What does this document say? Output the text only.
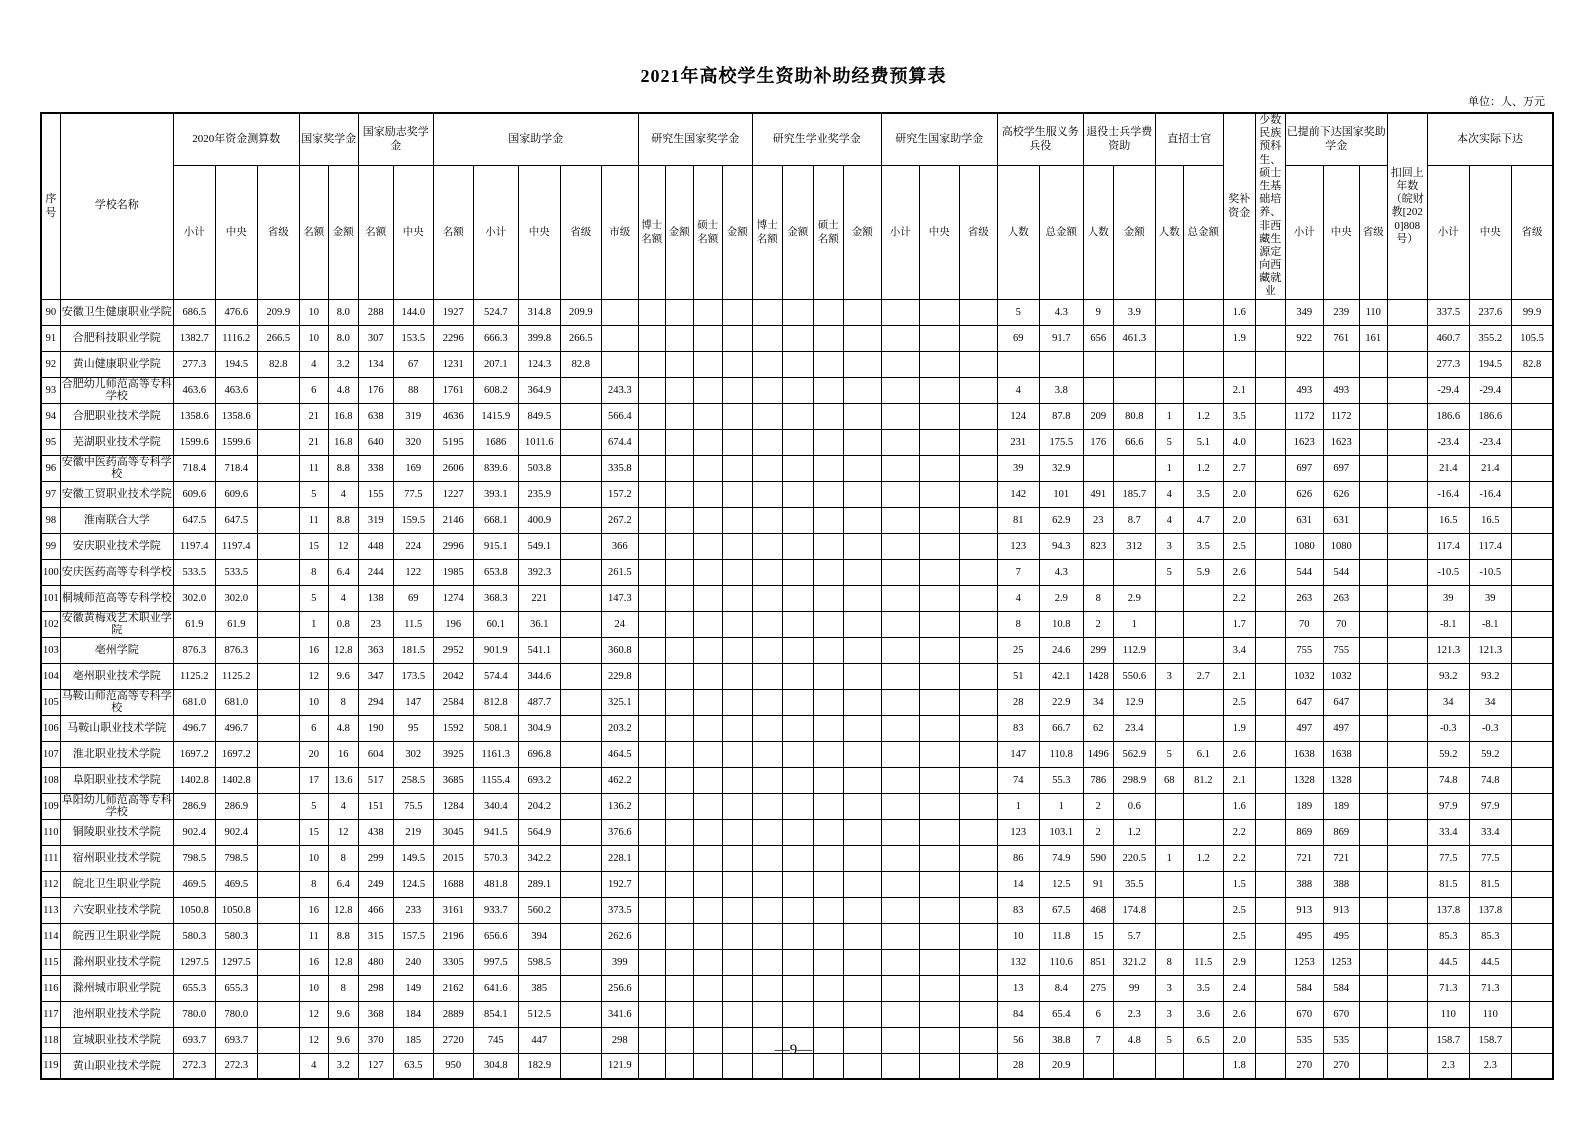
2021年高校学生资助补助经费预算表
单位：人、万元
序号	学校名称	2020年资金测算数			国家奖学金		国家励志奖学金		国家助学金					研究生国家奖学金				研究生学业奖学金				研究生国家助学金			高校学生服义务兵役		退役士兵学费资助		直招士官		奖补资金	少数民族预科生、硕士生基础培养、非西藏生源定向西藏就业	已提前下达国家奖助学金			扣回上年数（皖财教[2020]808号）	本次实际下达		
		小计	中央	省级	名额	金额	名额	中央	名额	小计	中央	省级	市级	博士名额	金额	硕士名额	金额	博士名额	金额	硕士名额	金额	小计	中央	省级	人数	总金额	人数	金额	人数	总金额			小计	中央	省级		小计	中央	省级
90	安徽卫生健康职业学院	686.5	476.6	209.9	10	8.0	288	144.0	1927	524.7	314.8	209.9													5	4.3	9	3.9			1.6		349	239	110		337.5	237.6	99.9
91	合肥科技职业学院	1382.7	1116.2	266.5	10	8.0	307	153.5	2296	666.3	399.8	266.5													69	91.7	656	461.3			1.9		922	761	161		460.7	355.2	105.5
92	黄山健康职业学院	277.3	194.5	82.8	4	3.2	134	67	1231	207.1	124.3	82.8																									277.3	194.5	82.8
93	合肥幼儿师范高等专科学校	463.6	463.6		6	4.8	176	88	1761	608.2	364.9		243.3												4	3.8					2.1		493	493			-29.4	-29.4	
94	合肥职业技术学院	1358.6	1358.6		21	16.8	638	319	4636	1415.9	849.5		566.4												124	87.8	209	80.8	1	1.2	3.5		1172	1172			186.6	186.6	
95	芜湖职业技术学院	1599.6	1599.6		21	16.8	640	320	5195	1686	1011.6		674.4												231	175.5	176	66.6	5	5.1	4.0		1623	1623			-23.4	-23.4	
96	安徽中医药高等专科学校	718.4	718.4		11	8.8	338	169	2606	839.6	503.8		335.8												39	32.9			1	1.2	2.7		697	697			21.4	21.4	
97	安徽工贸职业技术学院	609.6	609.6		5	4	155	77.5	1227	393.1	235.9		157.2												142	101	491	185.7	4	3.5	2.0		626	626			-16.4	-16.4	
98	淮南联合大学	647.5	647.5		11	8.8	319	159.5	2146	668.1	400.9		267.2												81	62.9	23	8.7	4	4.7	2.0		631	631			16.5	16.5	
99	安庆职业技术学院	1197.4	1197.4		15	12	448	224	2996	915.1	549.1		366												123	94.3	823	312	3	3.5	2.5		1080	1080			117.4	117.4	
100	安庆医药高等专科学校	533.5	533.5		8	6.4	244	122	1985	653.8	392.3		261.5												7	4.3			5	5.9	2.6		544	544			-10.5	-10.5	
101	桐城师范高等专科学校	302.0	302.0		5	4	138	69	1274	368.3	221		147.3												4	2.9	8	2.9			2.2		263	263			39	39	
102	安徽黄梅戏艺术职业学院	61.9	61.9		1	0.8	23	11.5	196	60.1	36.1		24												8	10.8	2	1			1.7		70	70			-8.1	-8.1	
103	亳州学院	876.3	876.3		16	12.8	363	181.5	2952	901.9	541.1		360.8												25	24.6	299	112.9			3.4		755	755			121.3	121.3	
104	亳州职业技术学院	1125.2	1125.2		12	9.6	347	173.5	2042	574.4	344.6		229.8												51	42.1	1428	550.6	3	2.7	2.1		1032	1032			93.2	93.2	
105	马鞍山师范高等专科学校	681.0	681.0		10	8	294	147	2584	812.8	487.7		325.1												28	22.9	34	12.9			2.5		647	647			34	34	
106	马鞍山职业技术学院	496.7	496.7		6	4.8	190	95	1592	508.1	304.9		203.2												83	66.7	62	23.4			1.9		497	497			-0.3	-0.3	
107	淮北职业技术学院	1697.2	1697.2		20	16	604	302	3925	1161.3	696.8		464.5												147	110.8	1496	562.9	5	6.1	2.6		1638	1638			59.2	59.2	
108	阜阳职业技术学院	1402.8	1402.8		17	13.6	517	258.5	3685	1155.4	693.2		462.2												74	55.3	786	298.9	68	81.2	2.1		1328	1328			74.8	74.8	
109	阜阳幼儿师范高等专科学校	286.9	286.9		5	4	151	75.5	1284	340.4	204.2		136.2												1	1	2	0.6			1.6		189	189			97.9	97.9	
110	铜陵职业技术学院	902.4	902.4		15	12	438	219	3045	941.5	564.9		376.6												123	103.1	2	1.2			2.2		869	869			33.4	33.4	
111	宿州职业技术学院	798.5	798.5		10	8	299	149.5	2015	570.3	342.2		228.1												86	74.9	590	220.5	1	1.2	2.2		721	721			77.5	77.5	
112	皖北卫生职业学院	469.5	469.5		8	6.4	249	124.5	1688	481.8	289.1		192.7												14	12.5	91	35.5			1.5		388	388			81.5	81.5	
113	六安职业技术学院	1050.8	1050.8		16	12.8	466	233	3161	933.7	560.2		373.5												83	67.5	468	174.8			2.5		913	913			137.8	137.8	
114	皖西卫生职业学院	580.3	580.3		11	8.8	315	157.5	2196	656.6	394		262.6												10	11.8	15	5.7			2.5		495	495			85.3	85.3	
115	滁州职业技术学院	1297.5	1297.5		16	12.8	480	240	3305	997.5	598.5		399												132	110.6	851	321.2	8	11.5	2.9		1253	1253			44.5	44.5	
116	滁州城市职业学院	655.3	655.3		10	8	298	149	2162	641.6	385		256.6												13	8.4	275	99	3	3.5	2.4		584	584			71.3	71.3	
117	池州职业技术学院	780.0	780.0		12	9.6	368	184	2889	854.1	512.5		341.6												84	65.4	6	2.3	3	3.6	2.6		670	670			110	110	
118	宣城职业技术学院	693.7	693.7		12	9.6	370	185	2720	745	447		298												56	38.8	7	4.8	5	6.5	2.0		535	535			158.7	158.7	
119	黄山职业技术学院	272.3	272.3		4	3.2	127	63.5	950	304.8	182.9		121.9												28	20.9					1.8		270	270			2.3	2.3	
—9—
